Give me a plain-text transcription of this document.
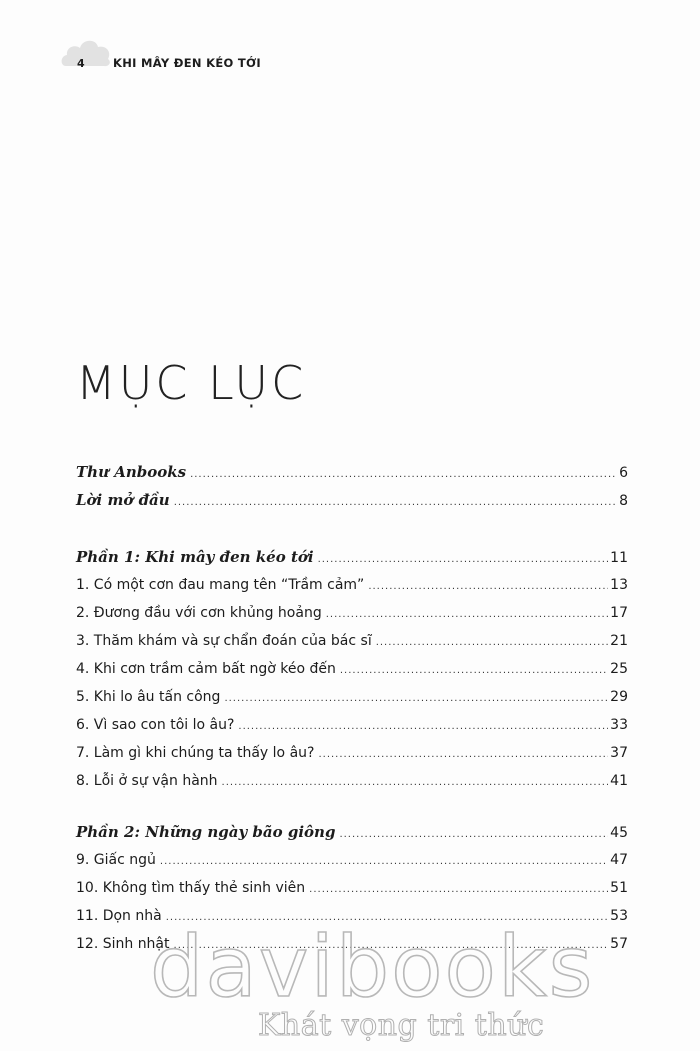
4	KHI MÂY ĐEN KÉO TỚI
MỤC LỤC
Thư Anbooks .....	6
Lời mở đầu .....	8
Phần 1: Khi mây đen kéo tới .....	11
1. Có một cơn đau mang tên “Trầm cảm” .....	13
2. Đương đầu với cơn khủng hoảng .....	17
3. Thăm khám và sự chẩn đoán của bác sĩ .....	21
4. Khi cơn trầm cảm bất ngờ kéo đến .....	25
5. Khi lo âu tấn công .....	29
6. Vì sao con tôi lo âu? .....	33
7. Làm gì khi chúng ta thấy lo âu? .....	37
8. Lỗi ở sự vận hành .....	41
Phần 2: Những ngày bão giông .....	45
9. Giấc ngủ .....	47
10. Không tìm thấy thẻ sinh viên .....	51
11. Dọn nhà .....	53
12. Sinh nhật .....	57
davibooks
Khát vọng tri thức
